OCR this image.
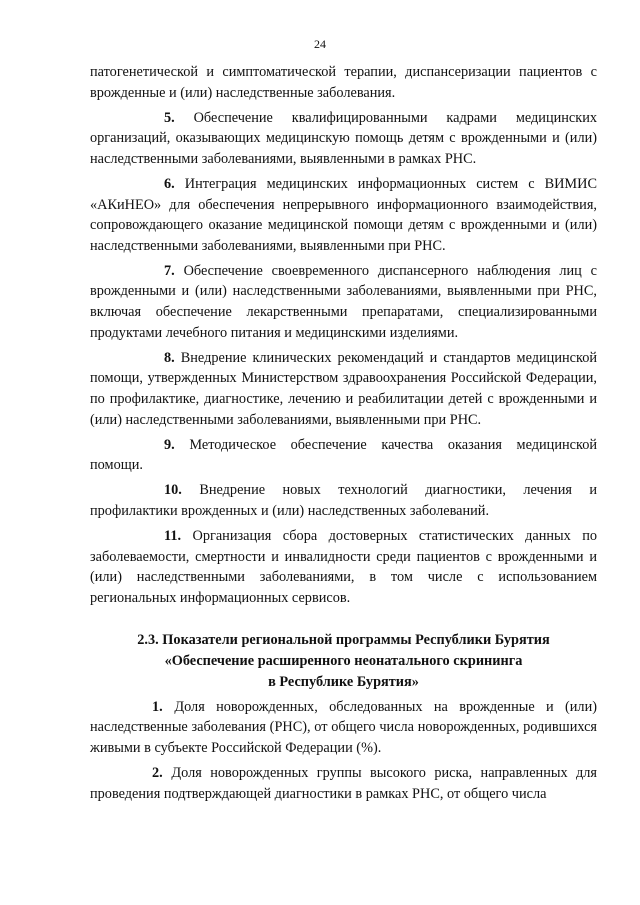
24

патогенетической и симптоматической терапии, диспансеризации пациентов с врожденные и (или) наследственные заболевания.

5. Обеспечение квалифицированными кадрами медицинских организаций, оказывающих медицинскую помощь детям с врожденными и (или) наследственными заболеваниями, выявленными в рамках РНС.

6. Интеграция медицинских информационных систем с ВИМИС «АКиНЕО» для обеспечения непрерывного информационного взаимодействия, сопровождающего оказание медицинской помощи детям с врожденными и (или) наследственными заболеваниями, выявленными при РНС.

7. Обеспечение своевременного диспансерного наблюдения лиц с врожденными и (или) наследственными заболеваниями, выявленными при РНС, включая обеспечение лекарственными препаратами, специализированными продуктами лечебного питания и медицинскими изделиями.

8. Внедрение клинических рекомендаций и стандартов медицинской помощи, утвержденных Министерством здравоохранения Российской Федерации, по профилактике, диагностике, лечению и реабилитации детей с врожденными и (или) наследственными заболеваниями, выявленными при РНС.

9. Методическое обеспечение качества оказания медицинской помощи.

10. Внедрение новых технологий диагностики, лечения и профилактики врожденных и (или) наследственных заболеваний.

11. Организация сбора достоверных статистических данных по заболеваемости, смертности и инвалидности среди пациентов с врожденными и (или) наследственными заболеваниями, в том числе с использованием региональных информационных сервисов.

2.3. Показатели региональной программы Республики Бурятия
«Обеспечение расширенного неонатального скрининга
в Республике Бурятия»

1. Доля новорожденных, обследованных на врожденные и (или) наследственные заболевания (РНС), от общего числа новорожденных, родившихся живыми в субъекте Российской Федерации (%).

2. Доля новорожденных группы высокого риска, направленных для проведения подтверждающей диагностики в рамках РНС, от общего числа
